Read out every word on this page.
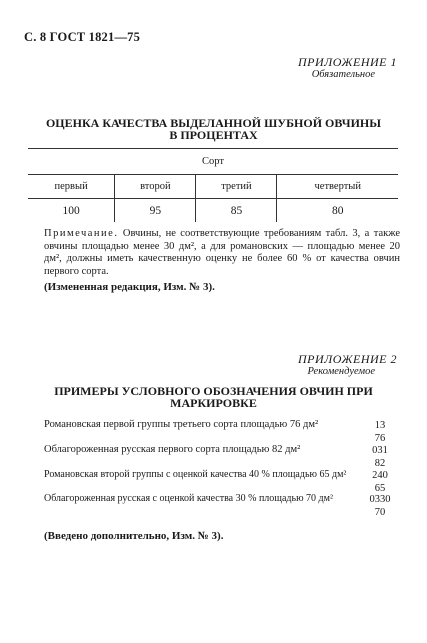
С. 8 ГОСТ 1821—75
ПРИЛОЖЕНИЕ 1
Обязательное
ОЦЕНКА КАЧЕСТВА ВЫДЕЛАННОЙ ШУБНОЙ ОВЧИНЫ
В ПРОЦЕНТАХ
Сорт			
первый	второй	третий	четвертый
100	95	85	80
Примечание. Овчины, не соответствующие требованиям табл. 3, а также овчины площадью менее 30 дм², а для романовских — площадью менее 20 дм², должны иметь качественную оценку не более 60 % от качества овчин первого сорта.
(Измененная редакция, Изм. № 3).
ПРИЛОЖЕНИЕ 2
Рекомендуемое
ПРИМЕРЫ УСЛОВНОГО ОБОЗНАЧЕНИЯ ОВЧИН ПРИ
МАРКИРОВКЕ
Романовская первой группы третьего сорта площадью 76 дм²	13
76
Облагороженная русская первого сорта площадью 82 дм²	031
82
Романовская второй группы с оценкой качества 40 % площадью 65 дм²	240
65
Облагороженная русская с оценкой качества 30 % площадью 70 дм²	0330
70
(Введено дополнительно, Изм. № 3).
